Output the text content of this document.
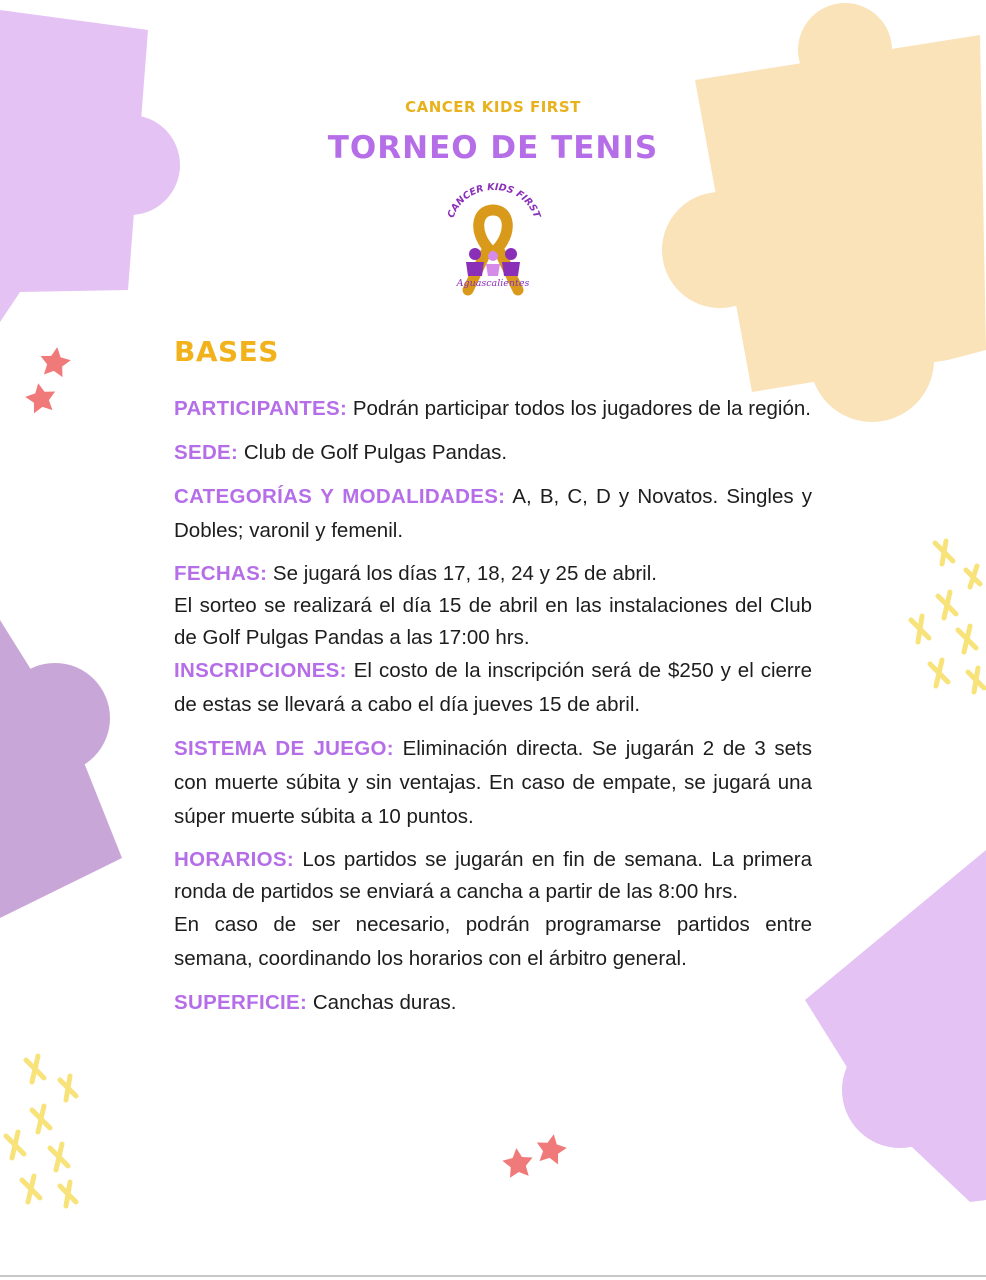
CANCER KIDS FIRST
TORNEO DE TENIS
CANCER KIDS FIRST
Aguascalientes
BASES

PARTICIPANTES: Podrán participar todos los jugadores de la región.

SEDE: Club de Golf Pulgas Pandas.

CATEGORÍAS Y MODALIDADES: A, B, C, D y Novatos. Singles y Dobles; varonil y femenil.

FECHAS: Se jugará los días 17, 18, 24 y 25 de abril.

El sorteo se realizará el día 15 de abril en las instalaciones del Club de Golf Pulgas Pandas a las 17:00 hrs.

INSCRIPCIONES: El costo de la inscripción será de $250 y el cierre de estas se llevará a cabo el día jueves 15 de abril.

SISTEMA DE JUEGO: Eliminación directa. Se jugarán 2 de 3 sets con muerte súbita y sin ventajas. En caso de empate, se jugará una súper muerte súbita a 10 puntos.

HORARIOS: Los partidos se jugarán en fin de semana. La primera ronda de partidos se enviará a cancha a partir de las 8:00 hrs.

En caso de ser necesario, podrán programarse partidos entre semana, coordinando los horarios con el árbitro general.

SUPERFICIE: Canchas duras.
